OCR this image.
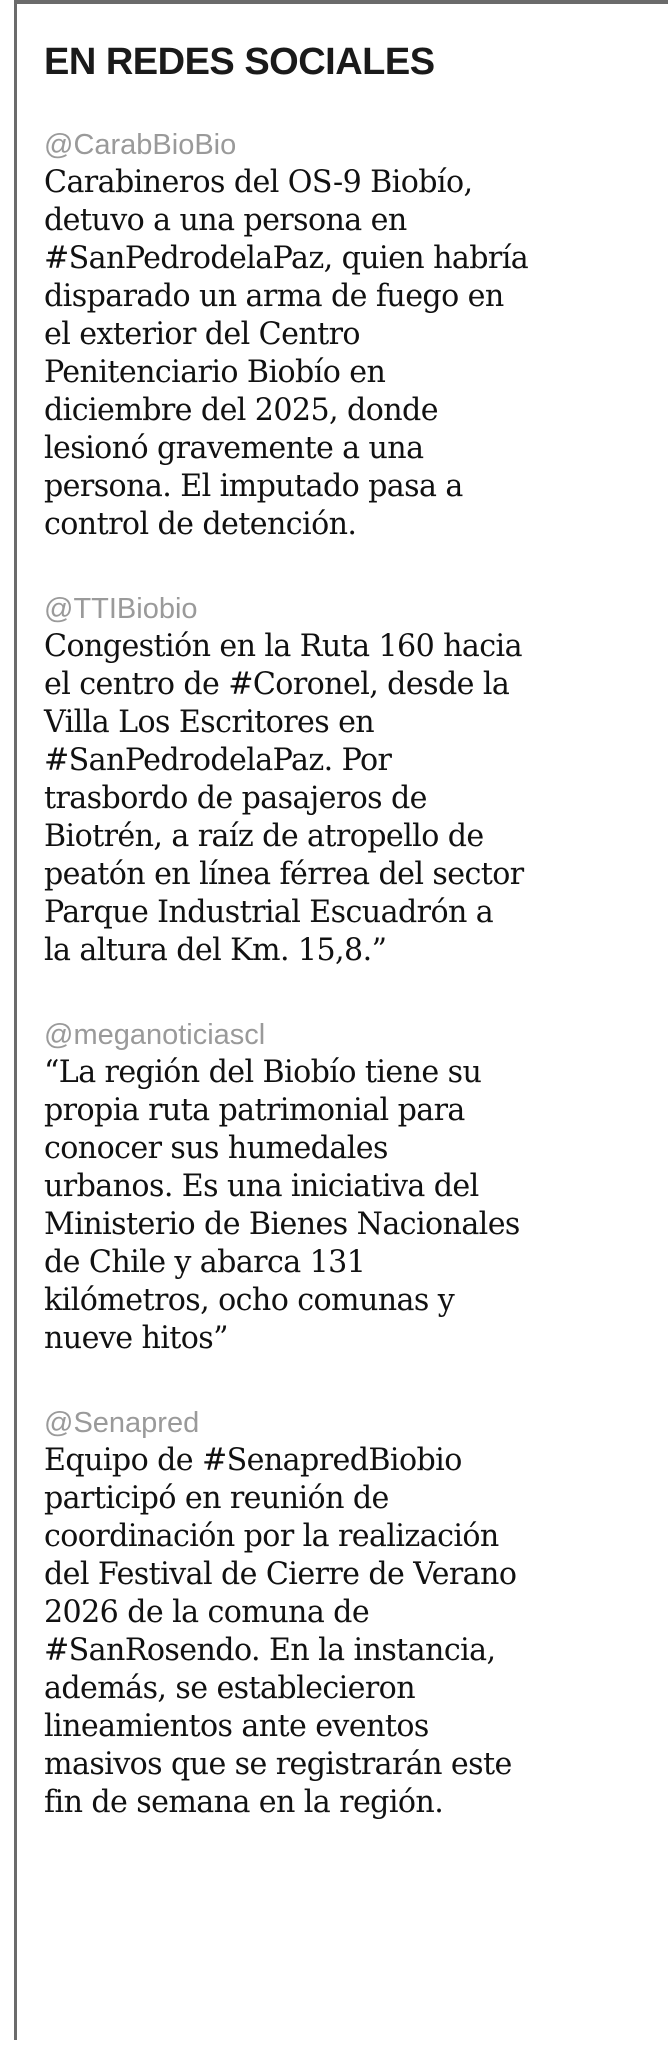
EN REDES SOCIALES
@CarabBioBio
Carabineros del OS-9 Biobío,
detuvo a una persona en
#SanPedrodelaPaz, quien habría
disparado un arma de fuego en
el exterior del Centro
Penitenciario Biobío en
diciembre del 2025, donde
lesionó gravemente a una
persona. El imputado pasa a
control de detención.
@TTIBiobio
Congestión en la Ruta 160 hacia
el centro de #Coronel, desde la
Villa Los Escritores en
#SanPedrodelaPaz. Por
trasbordo de pasajeros de
Biotrén, a raíz de atropello de
peatón en línea férrea del sector
Parque Industrial Escuadrón a
la altura del Km. 15,8.”
@meganoticiascl
“La región del Biobío tiene su
propia ruta patrimonial para
conocer sus humedales
urbanos. Es una iniciativa del
Ministerio de Bienes Nacionales
de Chile y abarca 131
kilómetros, ocho comunas y
nueve hitos”
@Senapred
Equipo de #SenapredBiobio
participó en reunión de
coordinación por la realización
del Festival de Cierre de Verano
2026 de la comuna de
#SanRosendo. En la instancia,
además, se establecieron
lineamientos ante eventos
masivos que se registrarán este
fin de semana en la región.
